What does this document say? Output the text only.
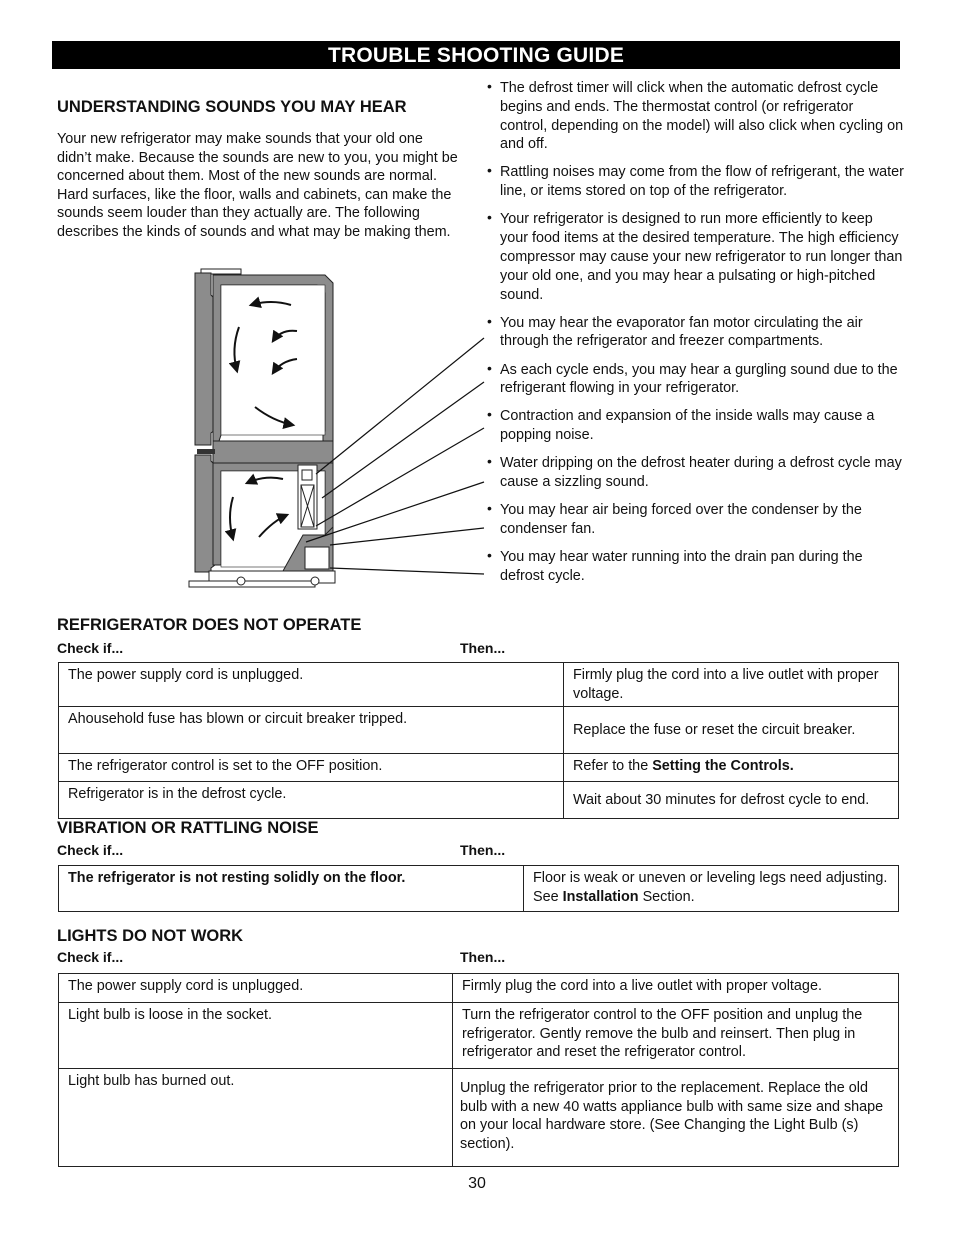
TROUBLE SHOOTING GUIDE
UNDERSTANDING SOUNDS YOU MAY HEAR
Your new refrigerator may make sounds that your old one didn’t make. Because the sounds are new to you, you might be concerned about them. Most of the new sounds are normal. Hard surfaces, like the floor, walls and cabinets, can make the sounds seem louder than they actually are. The following describes the kinds of sounds and what may be making them.
• The defrost timer will click when the automatic defrost cycle begins and ends. The thermostat control (or refrigerator control, depending on the model) will also click when cycling on and off.
• Rattling noises may come from the flow of refrigerant, the water line, or items stored on top of the refrigerator.
• Your refrigerator is designed to run more efficiently to keep your food items at the desired temperature. The high efficiency compressor may cause your new refrigerator to run longer than your old one, and you may hear a pulsating or high-pitched sound.
• You may hear the evaporator fan motor circulating the air through the refrigerator and freezer compartments.
• As each cycle ends, you may hear a gurgling sound due to the refrigerant flowing in your refrigerator.
• Contraction and expansion of the inside walls may cause a popping noise.
• Water dripping on the defrost heater during a defrost cycle may cause a sizzling sound.
• You may hear air being forced over the condenser by the condenser fan.
• You may hear water running into the drain pan during the defrost cycle.
REFRIGERATOR DOES NOT OPERATE
Check if...	Then...
The power supply cord is unplugged.	Firmly plug the cord into a live outlet with proper voltage.
Ahousehold fuse has blown or circuit breaker tripped.	Replace the fuse or reset the circuit breaker.
The refrigerator control is set to the OFF position.	Refer to the Setting the Controls.
Refrigerator is in the defrost cycle.	Wait about 30 minutes for defrost cycle to end.
VIBRATION OR RATTLING NOISE
Check if...	Then...
The refrigerator is not resting solidly on the floor.	Floor is weak or uneven or leveling legs need adjusting.
See Installation Section.
LIGHTS DO NOT WORK
Check if...	Then...
The power supply cord is unplugged.	Firmly plug the cord into a live outlet with proper voltage.
Light bulb is loose in the socket.	Turn the refrigerator control to the OFF position and unplug the refrigerator. Gently remove the bulb and reinsert. Then plug in refrigerator and reset the refrigerator control.
Light bulb has burned out.	Unplug the refrigerator prior to the replacement. Replace the old bulb with a new 40 watts appliance bulb with same size and shape on your local hardware store. (See Changing the Light Bulb (s) section).
30
